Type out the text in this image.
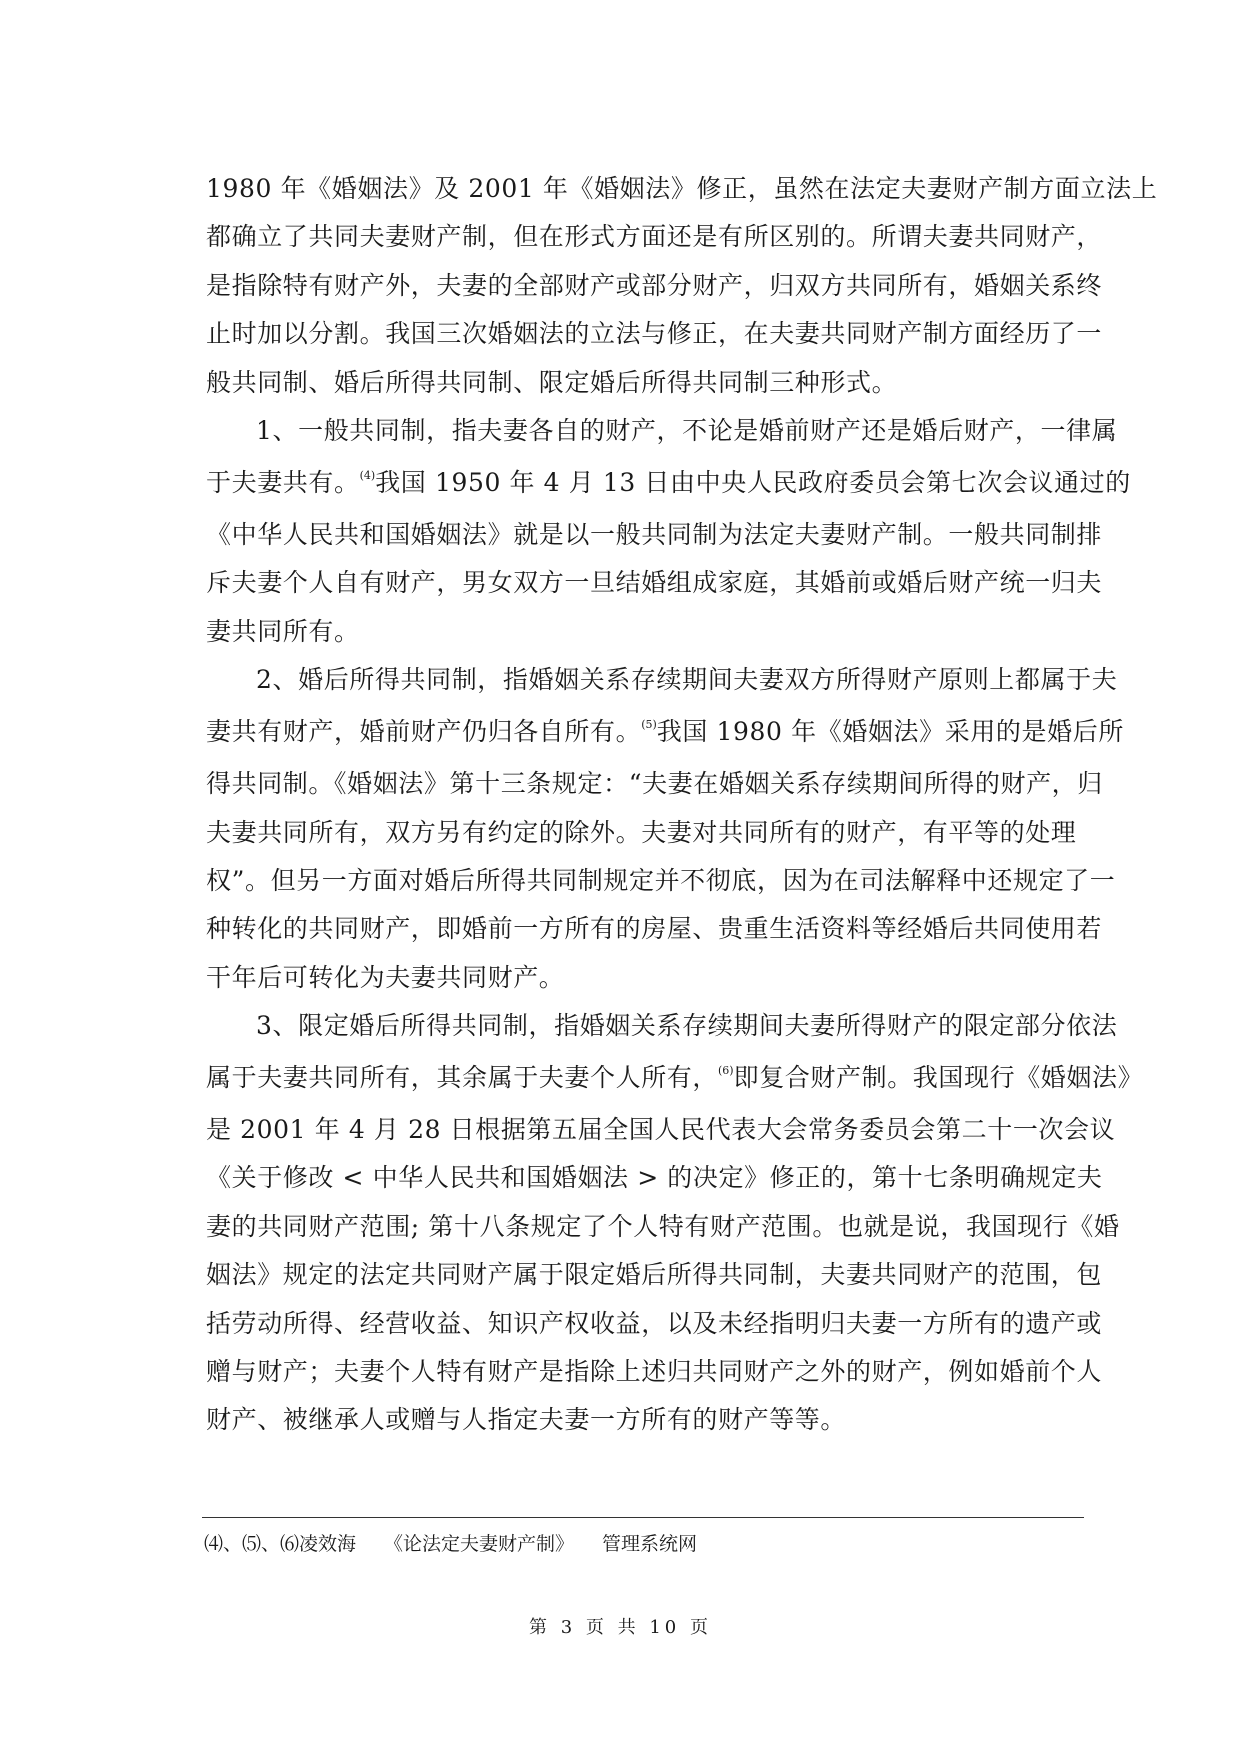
1980 年《婚姻法》及 2001 年《婚姻法》修正，虽然在法定夫妻财产制方面立法上
都确立了共同夫妻财产制，但在形式方面还是有所区别的。所谓夫妻共同财产，
是指除特有财产外，夫妻的全部财产或部分财产，归双方共同所有，婚姻关系终
止时加以分割。我国三次婚姻法的立法与修正，在夫妻共同财产制方面经历了一
般共同制、婚后所得共同制、限定婚后所得共同制三种形式。

1、一般共同制，指夫妻各自的财产，不论是婚前财产还是婚后财产，一律属
于夫妻共有。$^{(4)}$我国 1950 年 4 月 13 日由中央人民政府委员会第七次会议通过的
《中华人民共和国婚姻法》就是以一般共同制为法定夫妻财产制。一般共同制排
斥夫妻个人自有财产，男女双方一旦结婚组成家庭，其婚前或婚后财产统一归夫
妻共同所有。

2、婚后所得共同制，指婚姻关系存续期间夫妻双方所得财产原则上都属于夫
妻共有财产，婚前财产仍归各自所有。$^{(5)}$我国 1980 年《婚姻法》采用的是婚后所
得共同制。《婚姻法》第十三条规定：“夫妻在婚姻关系存续期间所得的财产，归
夫妻共同所有，双方另有约定的除外。夫妻对共同所有的财产，有平等的处理
权”。但另一方面对婚后所得共同制规定并不彻底，因为在司法解释中还规定了一
种转化的共同财产，即婚前一方所有的房屋、贵重生活资料等经婚后共同使用若
干年后可转化为夫妻共同财产。

3、限定婚后所得共同制，指婚姻关系存续期间夫妻所得财产的限定部分依法
属于夫妻共同所有，其余属于夫妻个人所有，$^{(6)}$即复合财产制。我国现行《婚姻法》
是 2001 年 4 月 28 日根据第五届全国人民代表大会常务委员会第二十一次会议
《关于修改 < 中华人民共和国婚姻法 > 的决定》修正的，第十七条明确规定夫
妻的共同财产范围; 第十八条规定了个人特有财产范围。也就是说，我国现行《婚
姻法》规定的法定共同财产属于限定婚后所得共同制，夫妻共同财产的范围，包
括劳动所得、经营收益、知识产权收益，以及未经指明归夫妻一方所有的遗产或
赠与财产；夫妻个人特有财产是指除上述归共同财产之外的财产，例如婚前个人
财产、被继承人或赠与人指定夫妻一方所有的财产等等。

⑷、⑸、⑹凌效海 《论法定夫妻财产制》 管理系统网
第 3 页 共 10 页
